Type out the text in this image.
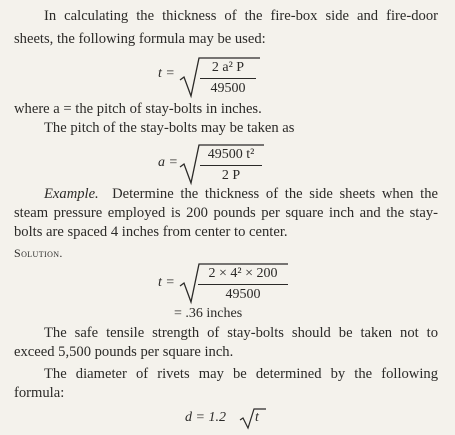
In calculating the thickness of the fire-box side and fire-door
sheets, the following formula may be used:
t =	2 a² P
49500
where a = the pitch of stay-bolts in inches.
The pitch of the stay-bolts may be taken as
a =
49500 t²
2 P
Example. Determine the thickness of the side sheets when the
steam pressure employed is 200 pounds per square inch and the stay-
bolts are spaced 4 inches from center to center.
Solution.
t =
2 × 4² × 200
49500
= .36 inches
The safe tensile strength of stay-bolts should be taken not to
exceed 5,500 pounds per square inch.
The diameter of rivets may be determined by the following
formula:
d = 1.2 t
